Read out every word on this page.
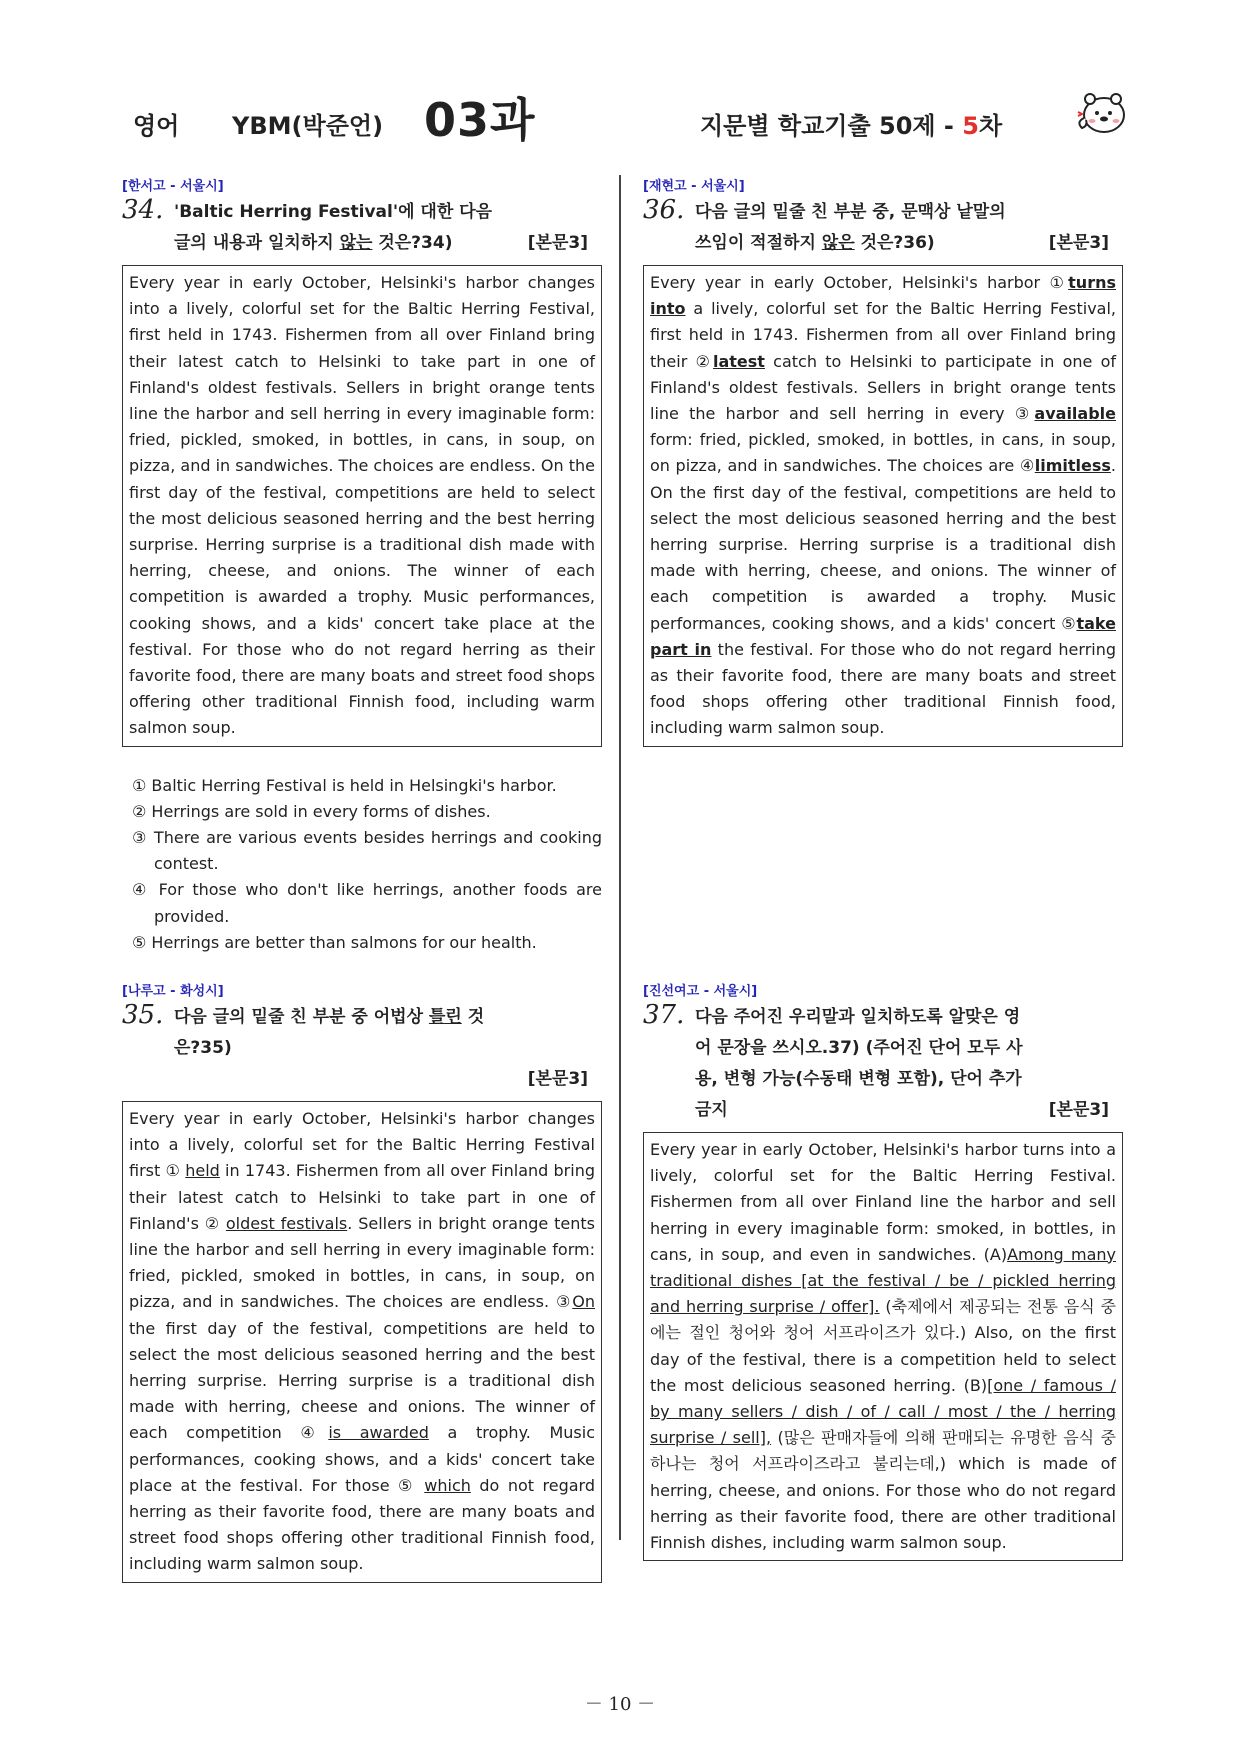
영어 YBM(박준언) 03과	지문별 학교기출 50제 - 5차
[한서고 - 서울시]
34. 'Baltic Herring Festival'에 대한 다음 글의 내용과 일치하지 않는 것은?34)	[본문3]
Every year in early October, Helsinki's harbor changes into a lively, colorful set for the Baltic Herring Festival, first held in 1743. Fishermen from all over Finland bring their latest catch to Helsinki to take part in one of Finland's oldest festivals. Sellers in bright orange tents line the harbor and sell herring in every imaginable form: fried, pickled, smoked, in bottles, in cans, in soup, on pizza, and in sandwiches. The choices are endless. On the first day of the festival, competitions are held to select the most delicious seasoned herring and the best herring surprise. Herring surprise is a traditional dish made with herring, cheese, and onions. The winner of each competition is awarded a trophy. Music performances, cooking shows, and a kids' concert take place at the festival. For those who do not regard herring as their favorite food, there are many boats and street food shops offering other traditional Finnish food, including warm salmon soup.
① Baltic Herring Festival is held in Helsingki's harbor.
② Herrings are sold in every forms of dishes.
③ There are various events besides herrings and cooking contest.
④ For those who don't like herrings, another foods are provided.
⑤ Herrings are better than salmons for our health.
[나루고 - 화성시]
35. 다음 글의 밑줄 친 부분 중 어법상 틀린 것은?35)
[본문3]
Every year in early October, Helsinki's harbor changes into a lively, colorful set for the Baltic Herring Festival first ① held in 1743. Fishermen from all over Finland bring their latest catch to Helsinki to take part in one of Finland's ② oldest festivals. Sellers in bright orange tents line the harbor and sell herring in every imaginable form: fried, pickled, smoked in bottles, in cans, in soup, on pizza, and in sandwiches. The choices are endless. ③On the first day of the festival, competitions are held to select the most delicious seasoned herring and the best herring surprise. Herring surprise is a traditional dish made with herring, cheese and onions. The winner of each competition ④is awarded a trophy. Music performances, cooking shows, and a kids' concert take place at the festival. For those ⑤ which do not regard herring as their favorite food, there are many boats and street food shops offering other traditional Finnish food, including warm salmon soup.
[재현고 - 서울시]
36. 다음 글의 밑줄 친 부분 중, 문맥상 낱말의 쓰임이 적절하지 않은 것은?36)	[본문3]
Every year in early October, Helsinki's harbor ①turns into a lively, colorful set for the Baltic Herring Festival, first held in 1743. Fishermen from all over Finland bring their ②latest catch to Helsinki to participate in one of Finland's oldest festivals. Sellers in bright orange tents line the harbor and sell herring in every ③available form: fried, pickled, smoked, in bottles, in cans, in soup, on pizza, and in sandwiches. The choices are ④limitless. On the first day of the festival, competitions are held to select the most delicious seasoned herring and the best herring surprise. Herring surprise is a traditional dish made with herring, cheese, and onions. The winner of each competition is awarded a trophy. Music performances, cooking shows, and a kids' concert ⑤take part in the festival. For those who do not regard herring as their favorite food, there are many boats and street food shops offering other traditional Finnish food, including warm salmon soup.
[진선여고 - 서울시]
37. 다음 주어진 우리말과 일치하도록 알맞은 영어 문장을 쓰시오.37) (주어진 단어 모두 사용, 변형 가능(수동태 변형 포함), 단어 추가 금지	[본문3]
Every year in early October, Helsinki's harbor turns into a lively, colorful set for the Baltic Herring Festival. Fishermen from all over Finland line the harbor and sell herring in every imaginable form: smoked, in bottles, in cans, in soup, and even in sandwiches. (A)Among many traditional dishes [at the festival / be / pickled herring and herring surprise / offer]. (축제에서 제공되는 전통 음식 중에는 절인 청어와 청어 서프라이즈가 있다.) Also, on the first day of the festival, there is a competition held to select the most delicious seasoned herring. (B)[one / famous / by many sellers / dish / of / call / most / the / herring surprise / sell], (많은 판매자들에 의해 판매되는 유명한 음식 중 하나는 청어 서프라이즈라고 불리는데,) which is made of herring, cheese, and onions. For those who do not regard herring as their favorite food, there are other traditional Finnish dishes, including warm salmon soup.
－ 10 －
